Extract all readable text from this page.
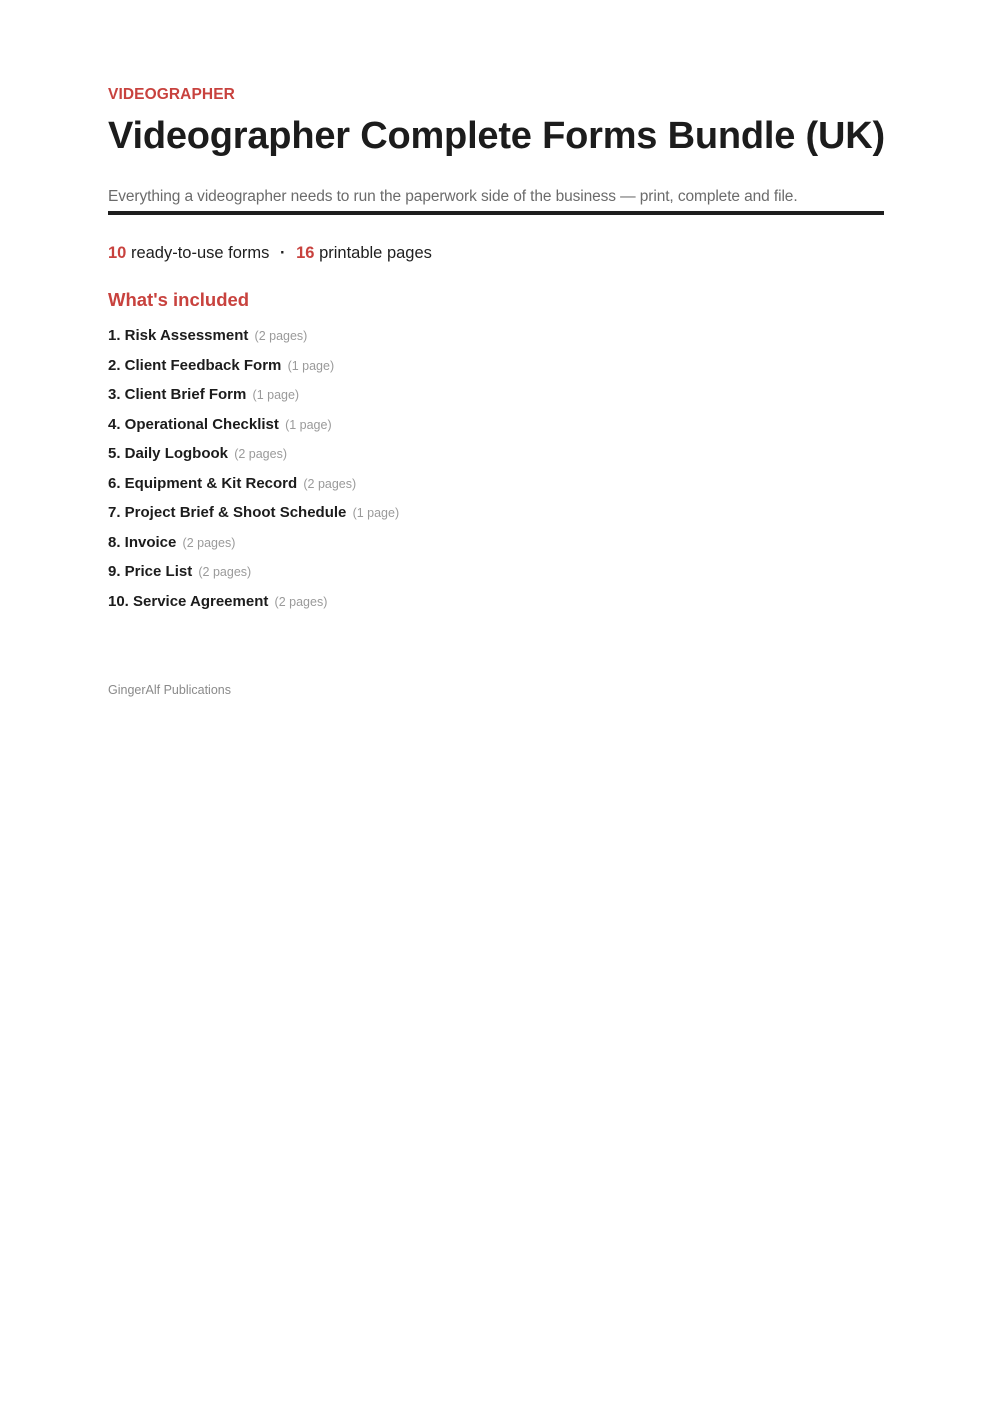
VIDEOGRAPHER
Videographer Complete Forms Bundle (UK)
Everything a videographer needs to run the paperwork side of the business — print, complete and file.
10 ready-to-use forms · 16 printable pages
What's included
1. Risk Assessment (2 pages)
2. Client Feedback Form (1 page)
3. Client Brief Form (1 page)
4. Operational Checklist (1 page)
5. Daily Logbook (2 pages)
6. Equipment & Kit Record (2 pages)
7. Project Brief & Shoot Schedule (1 page)
8. Invoice (2 pages)
9. Price List (2 pages)
10. Service Agreement (2 pages)
GingerAlf Publications
